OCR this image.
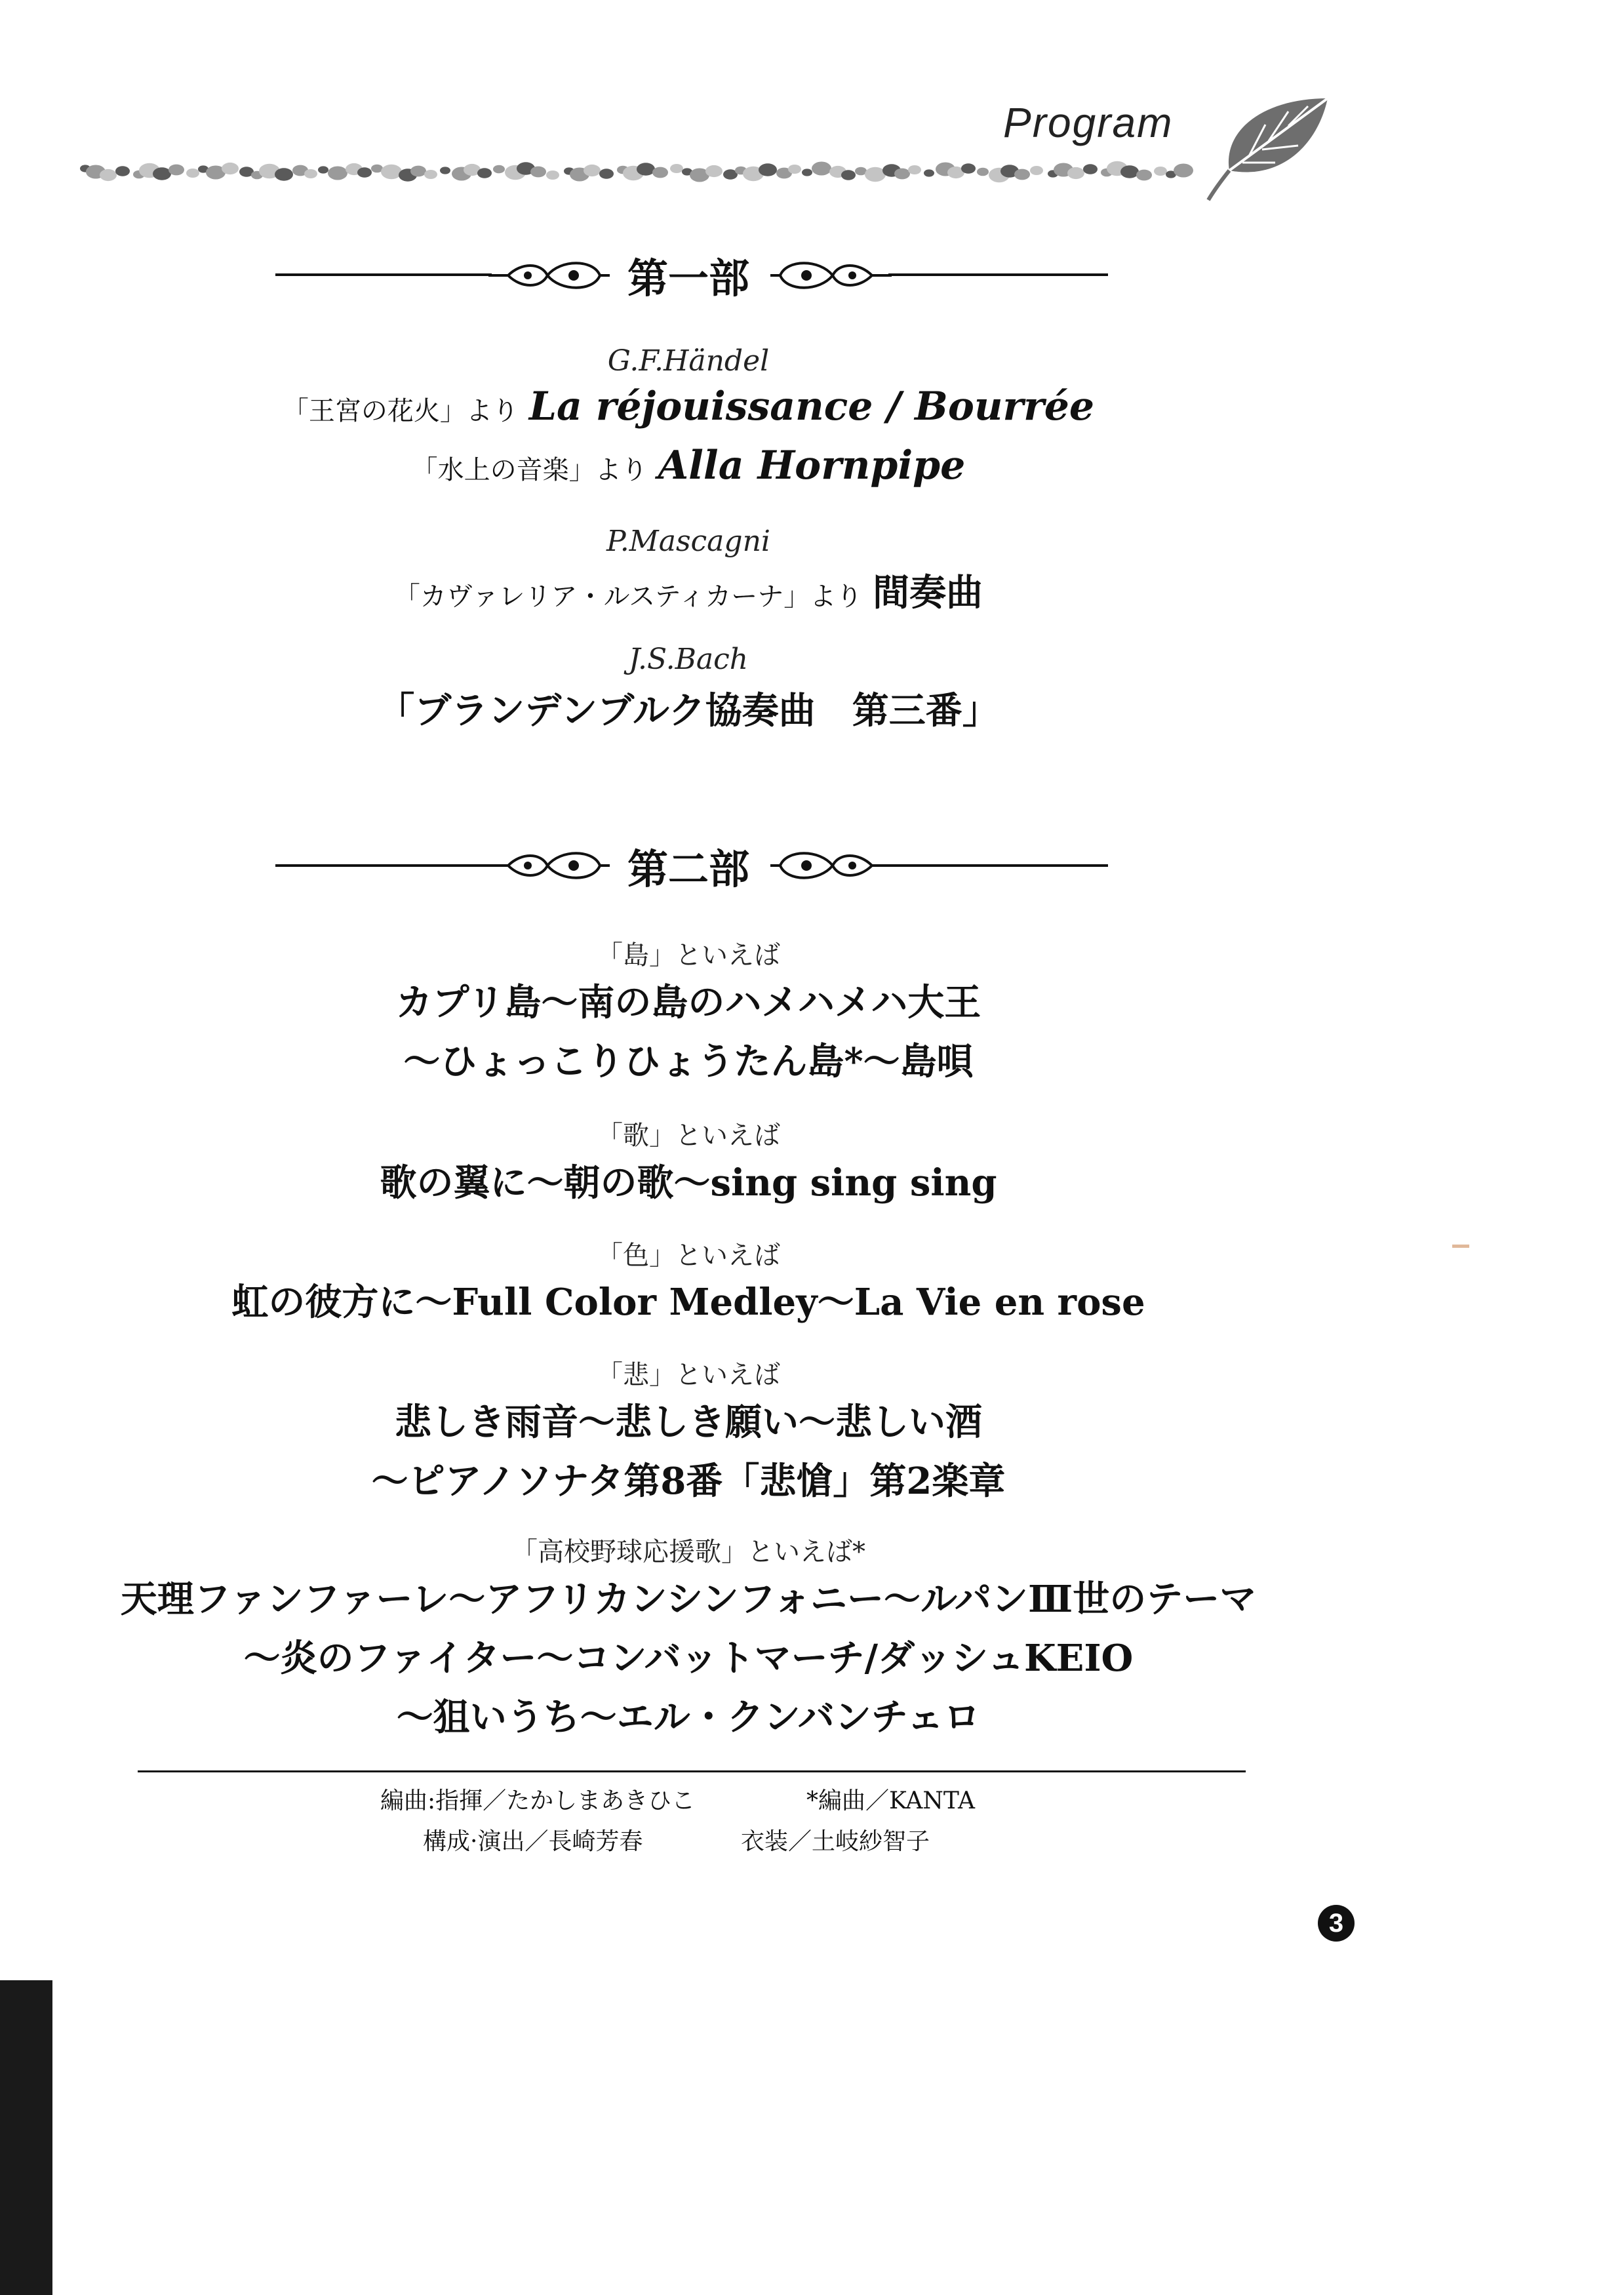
Program
第一部
G.F.Händel
「王宮の花火」より La réjouissance / Bourrée
「水上の音楽」より Alla Hornpipe
P.Mascagni
「カヴァレリア・ルスティカーナ」より 間奏曲
J.S.Bach
「ブランデンブルク協奏曲　第三番」
第二部
「島」といえば
カプリ島〜南の島のハメハメハ大王
〜ひょっこりひょうたん島*〜島唄
「歌」といえば
歌の翼に〜朝の歌〜sing sing sing
「色」といえば
虹の彼方に〜Full Color Medley〜La Vie en rose
「悲」といえば
悲しき雨音〜悲しき願い〜悲しい酒
〜ピアノソナタ第8番「悲愴」第2楽章
「高校野球応援歌」といえば*
天理ファンファーレ〜アフリカンシンフォニー〜ルパンⅢ世のテーマ
〜炎のファイター〜コンバットマーチ/ダッシュKEIO
〜狙いうち〜エル・クンバンチェロ
編曲:指揮／たかしまあきひこ	*編曲／KANTA
構成·演出／長崎芳春	衣装／土岐紗智子
3
